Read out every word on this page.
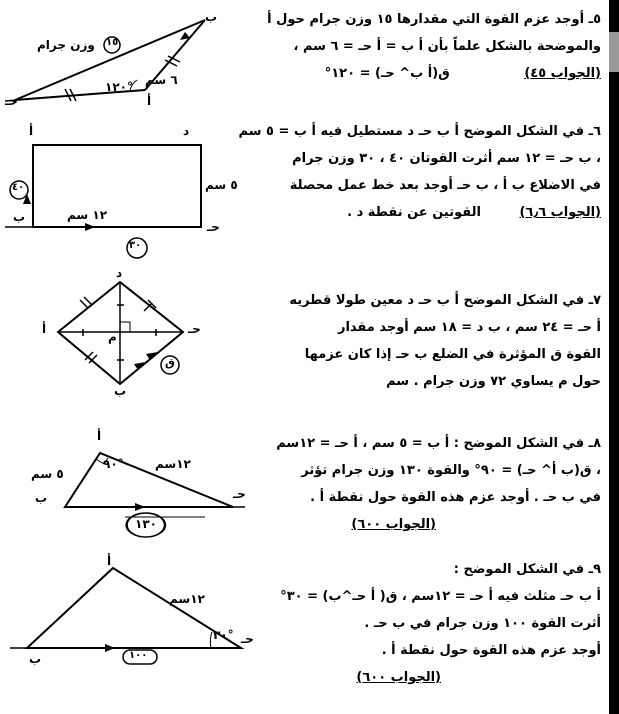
٥ـ أوجد عزم القوة التي مقدارها ١٥ وزن جرام حول أ
والموضحة بالشكل علماً بأن أ ب = أ حـ = ٦ سم ،
(الجواب ٤٥) ق(أ ب^ حـ) = ١٢٠°
ب
أ
حـ
١٥
وزن جرام
٦ سم
١٢٠°
٦ـ في الشكل الموضح أ ب حـ د مستطيل فيه أ ب = ٥ سم
، ب حـ = ١٢ سم أثرت القوتان ٤٠ ، ٣٠ وزن جرام
في الاضلاع ب أ ، ب حـ أوجد بعد خط عمل محصلة
(الجواب ٦٫٦) القوتين عن نقطة د .
أ	د
ب
حـ
٤٠
٣٠
٥ سم
١٢ سم
٧ـ في الشكل الموضح أ ب حـ د معين طولا قطريه
أ حـ = ٢٤ سم ، ب د = ١٨ سم أوجد مقدار
القوة ق المؤثرة في الضلع ب حـ إذا كان عزمها
حول م يساوي ٧٢ وزن جرام . سم
د
أ
م
حـ
ب
ق
٨ـ في الشكل الموضح : أ ب = ٥ سم ، أ حـ = ١٢سم
، ق(ب أ^ حـ) = ٩٠° والقوة ١٣٠ وزن جرام تؤثر
في ب حـ . أوجد عزم هذه القوة حول نقطة أ .
(الجواب ٦٠٠)
أ
ب	حـ
١٣٠
٥ سم
١٢سم
٩٠°
٩ـ في الشكل الموضح :
أ ب حـ مثلث فيه أ حـ = ١٢سم ، ق( أ حـ^ب) = ٣٠°
أثرت القوة ١٠٠ وزن جرام في ب حـ .
أوجد عزم هذه القوة حول نقطة أ .
(الجواب ٦٠٠)
أ
ب
حـ
١٠٠
١٢سم
٣٠°
